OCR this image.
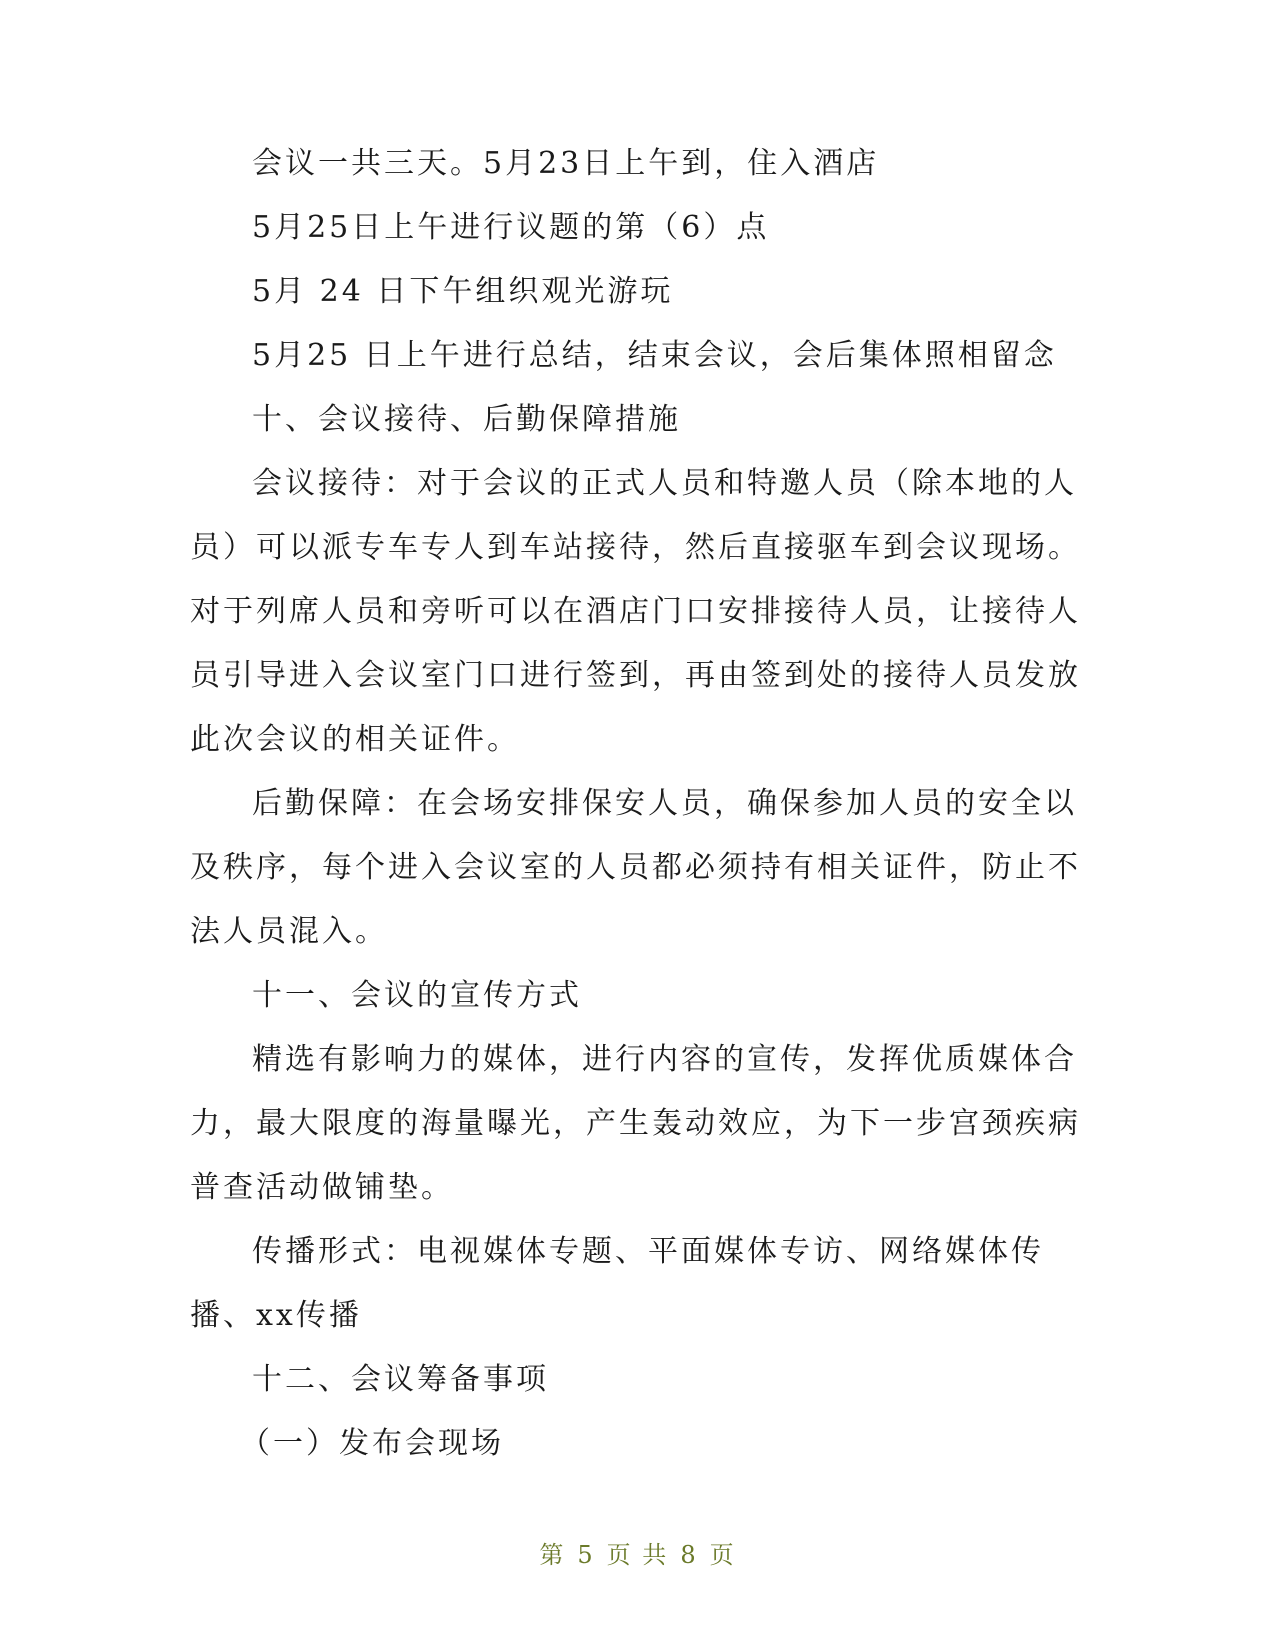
会议一共三天。5月23日上午到，住入酒店

5月25日上午进行议题的第（6）点

5月 24 日下午组织观光游玩

5月25 日上午进行总结，结束会议，会后集体照相留念

十、会议接待、后勤保障措施

会议接待：对于会议的正式人员和特邀人员（除本地的人员）可以派专车专人到车站接待，然后直接驱车到会议现场。对于列席人员和旁听可以在酒店门口安排接待人员，让接待人员引导进入会议室门口进行签到，再由签到处的接待人员发放此次会议的相关证件。

后勤保障：在会场安排保安人员，确保参加人员的安全以及秩序，每个进入会议室的人员都必须持有相关证件，防止不法人员混入。

十一、会议的宣传方式

精选有影响力的媒体，进行内容的宣传，发挥优质媒体合力，最大限度的海量曝光，产生轰动效应，为下一步宫颈疾病普查活动做铺垫。

传播形式：电视媒体专题、平面媒体专访、网络媒体传播、xx传播

十二、会议筹备事项

（一）发布会现场

第 5 页 共 8 页
